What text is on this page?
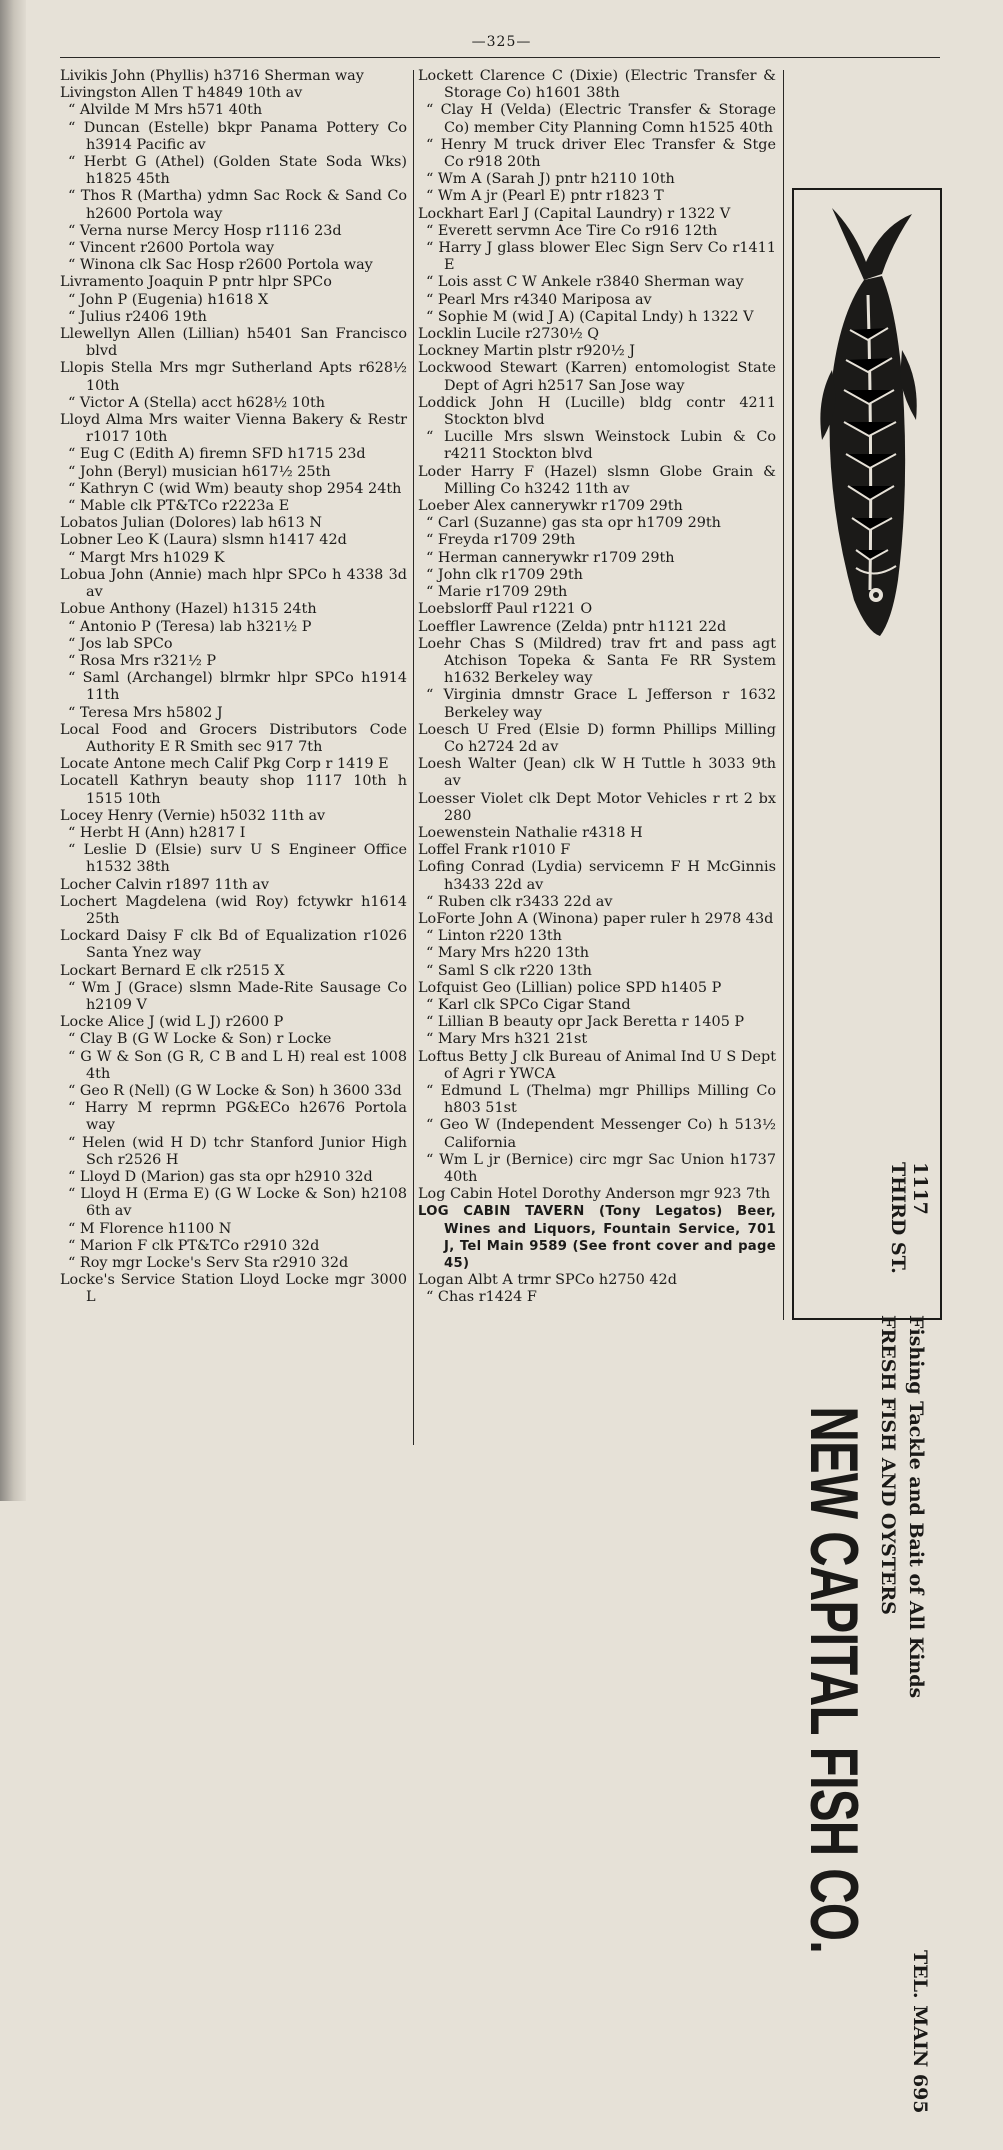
—325—
Livikis John (Phyllis) h3716 Sherman way
Livingston Allen T h4849 10th av
“ Alvilde M Mrs h571 40th
“ Duncan (Estelle) bkpr Panama Pottery Co h3914 Pacific av
“ Herbt G (Athel) (Golden State Soda Wks) h1825 45th
“ Thos R (Martha) ydmn Sac Rock & Sand Co h2600 Portola way
“ Verna nurse Mercy Hosp r1116 23d
“ Vincent r2600 Portola way
“ Winona clk Sac Hosp r2600 Portola way
Livramento Joaquin P pntr hlpr SPCo
“ John P (Eugenia) h1618 X
“ Julius r2406 19th
Llewellyn Allen (Lillian) h5401 San Francisco blvd
Llopis Stella Mrs mgr Sutherland Apts r628½ 10th
“ Victor A (Stella) acct h628½ 10th
Lloyd Alma Mrs waiter Vienna Bakery & Restr r1017 10th
“ Eug C (Edith A) firemn SFD h1715 23d
“ John (Beryl) musician h617½ 25th
“ Kathryn C (wid Wm) beauty shop 2954 24th
“ Mable clk PT&TCo r2223a E
Lobatos Julian (Dolores) lab h613 N
Lobner Leo K (Laura) slsmn h1417 42d
“ Margt Mrs h1029 K
Lobua John (Annie) mach hlpr SPCo h 4338 3d av
Lobue Anthony (Hazel) h1315 24th
“ Antonio P (Teresa) lab h321½ P
“ Jos lab SPCo
“ Rosa Mrs r321½ P
“ Saml (Archangel) blrmkr hlpr SPCo h1914 11th
“ Teresa Mrs h5802 J
Local Food and Grocers Distributors Code Authority E R Smith sec 917 7th
Locate Antone mech Calif Pkg Corp r 1419 E
Locatell Kathryn beauty shop 1117 10th h 1515 10th
Locey Henry (Vernie) h5032 11th av
“ Herbt H (Ann) h2817 I
“ Leslie D (Elsie) surv U S Engineer Office h1532 38th
Locher Calvin r1897 11th av
Lochert Magdelena (wid Roy) fctywkr h1614 25th
Lockard Daisy F clk Bd of Equalization r1026 Santa Ynez way
Lockart Bernard E clk r2515 X
“ Wm J (Grace) slsmn Made-Rite Sausage Co h2109 V
Locke Alice J (wid L J) r2600 P
“ Clay B (G W Locke & Son) r Locke
“ G W & Son (G R, C B and L H) real est 1008 4th
“ Geo R (Nell) (G W Locke & Son) h 3600 33d
“ Harry M reprmn PG&ECo h2676 Portola way
“ Helen (wid H D) tchr Stanford Junior High Sch r2526 H
“ Lloyd D (Marion) gas sta opr h2910 32d
“ Lloyd H (Erma E) (G W Locke & Son) h2108 6th av
“ M Florence h1100 N
“ Marion F clk PT&TCo r2910 32d
“ Roy mgr Locke's Serv Sta r2910 32d
Locke's Service Station Lloyd Locke mgr 3000 L
Lockett Clarence C (Dixie) (Electric Transfer & Storage Co) h1601 38th
“ Clay H (Velda) (Electric Transfer & Storage Co) member City Planning Comn h1525 40th
“ Henry M truck driver Elec Transfer & Stge Co r918 20th
“ Wm A (Sarah J) pntr h2110 10th
“ Wm A jr (Pearl E) pntr r1823 T
Lockhart Earl J (Capital Laundry) r 1322 V
“ Everett servmn Ace Tire Co r916 12th
“ Harry J glass blower Elec Sign Serv Co r1411 E
“ Lois asst C W Ankele r3840 Sherman way
“ Pearl Mrs r4340 Mariposa av
“ Sophie M (wid J A) (Capital Lndy) h 1322 V
Locklin Lucile r2730½ Q
Lockney Martin plstr r920½ J
Lockwood Stewart (Karren) entomologist State Dept of Agri h2517 San Jose way
Loddick John H (Lucille) bldg contr 4211 Stockton blvd
“ Lucille Mrs slswn Weinstock Lubin & Co r4211 Stockton blvd
Loder Harry F (Hazel) slsmn Globe Grain & Milling Co h3242 11th av
Loeber Alex cannerywkr r1709 29th
“ Carl (Suzanne) gas sta opr h1709 29th
“ Freyda r1709 29th
“ Herman cannerywkr r1709 29th
“ John clk r1709 29th
“ Marie r1709 29th
Loebslorff Paul r1221 O
Loeffler Lawrence (Zelda) pntr h1121 22d
Loehr Chas S (Mildred) trav frt and pass agt Atchison Topeka & Santa Fe RR System h1632 Berkeley way
“ Virginia dmnstr Grace L Jefferson r 1632 Berkeley way
Loesch U Fred (Elsie D) formn Phillips Milling Co h2724 2d av
Loesh Walter (Jean) clk W H Tuttle h 3033 9th av
Loesser Violet clk Dept Motor Vehicles r rt 2 bx 280
Loewenstein Nathalie r4318 H
Loffel Frank r1010 F
Lofing Conrad (Lydia) servicemn F H McGinnis h3433 22d av
“ Ruben clk r3433 22d av
LoForte John A (Winona) paper ruler h 2978 43d
“ Linton r220 13th
“ Mary Mrs h220 13th
“ Saml S clk r220 13th
Lofquist Geo (Lillian) police SPD h1405 P
“ Karl clk SPCo Cigar Stand
“ Lillian B beauty opr Jack Beretta r 1405 P
“ Mary Mrs h321 21st
Loftus Betty J clk Bureau of Animal Ind U S Dept of Agri r YWCA
“ Edmund L (Thelma) mgr Phillips Milling Co h803 51st
“ Geo W (Independent Messenger Co) h 513½ California
“ Wm L jr (Bernice) circ mgr Sac Union h1737 40th
Log Cabin Hotel Dorothy Anderson mgr 923 7th
LOG CABIN TAVERN (Tony Legatos) Beer, Wines and Liquors, Fountain Service, 701 J, Tel Main 9589 (See front cover and page 45)
Logan Albt A trmr SPCo h2750 42d
“ Chas r1424 F
NEW CAPITAL FISH CO. FRESH FISH AND OYSTERS Fishing Tackle and Bait of All Kinds
1117 THIRD ST.
TEL. MAIN 695
